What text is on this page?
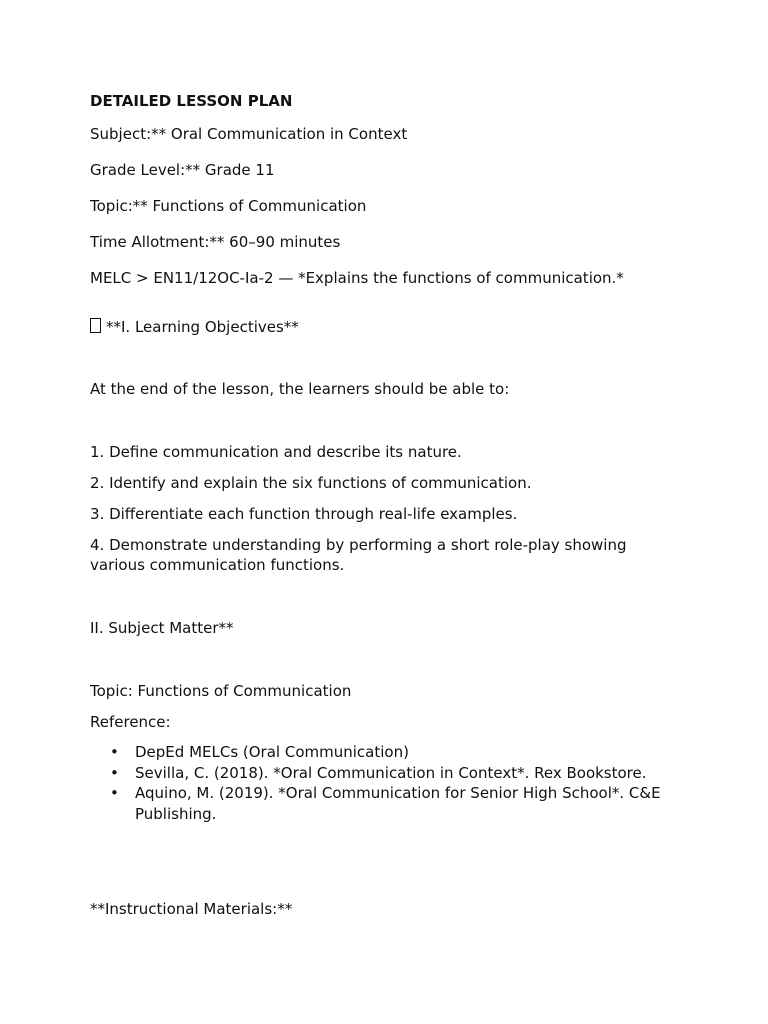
DETAILED LESSON PLAN
Subject:** Oral Communication in Context
Grade Level:** Grade 11
Topic:** Functions of Communication
Time Allotment:** 60–90 minutes
MELC > EN11/12OC-Ia-2 — *Explains the functions of communication.*
**I. Learning Objectives**
At the end of the lesson, the learners should be able to:
1. Define communication and describe its nature.
2. Identify and explain the six functions of communication.
3. Differentiate each function through real-life examples.
4. Demonstrate understanding by performing a short role-play showing various communication functions.
II. Subject Matter**
Topic: Functions of Communication
Reference:
• DepEd MELCs (Oral Communication)
• Sevilla, C. (2018). *Oral Communication in Context*. Rex Bookstore.
• Aquino, M. (2019). *Oral Communication for Senior High School*. C&E Publishing.
**Instructional Materials:**
